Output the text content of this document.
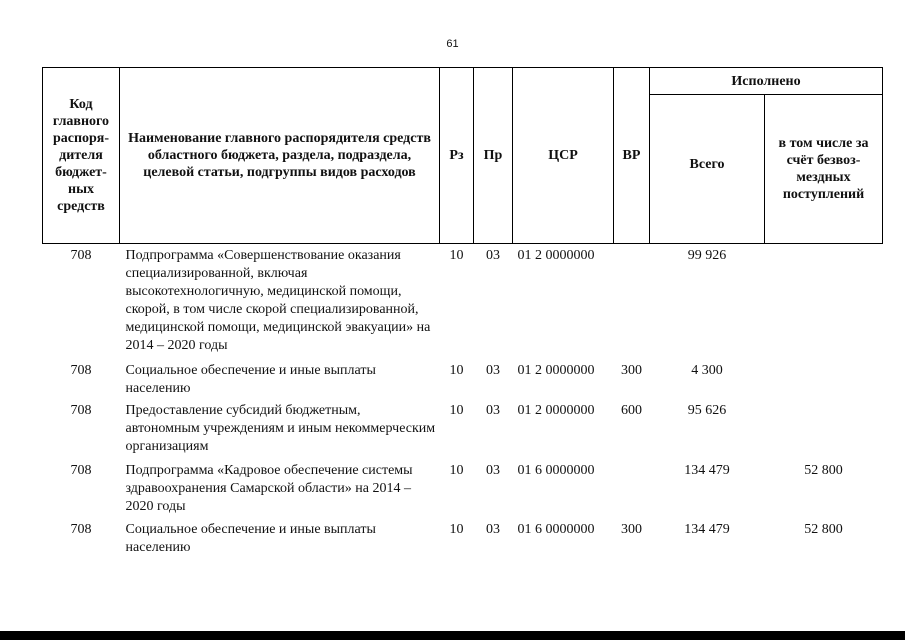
61
Код главного распоря-дителя бюджет-ных средств	Наименование главного распорядителя средств областного бюджета, раздела, подраздела, целевой статьи, подгруппы видов расходов	Рз	Пр	ЦСР	ВР	Исполнено	
						Всего	в том числе за счёт безвоз-мездных поступлений
708	Подпрограмма «Совершенствование оказания специализированной, включая высокотехнологичную, медицинской помощи, скорой, в том числе скорой специализированной, медицинской помощи, медицинской эвакуации» на 2014 – 2020 годы	10	03	01 2 0000000		99 926	
708	Социальное обеспечение и иные выплаты населению	10	03	01 2 0000000	300	4 300	
708	Предоставление субсидий бюджетным, автономным учреждениям и иным некоммерческим организациям	10	03	01 2 0000000	600	95 626	
708	Подпрограмма «Кадровое обеспечение системы здравоохранения Самарской области» на 2014 – 2020 годы	10	03	01 6 0000000		134 479	52 800
708	Социальное обеспечение и иные выплаты населению	10	03	01 6 0000000	300	134 479	52 800
